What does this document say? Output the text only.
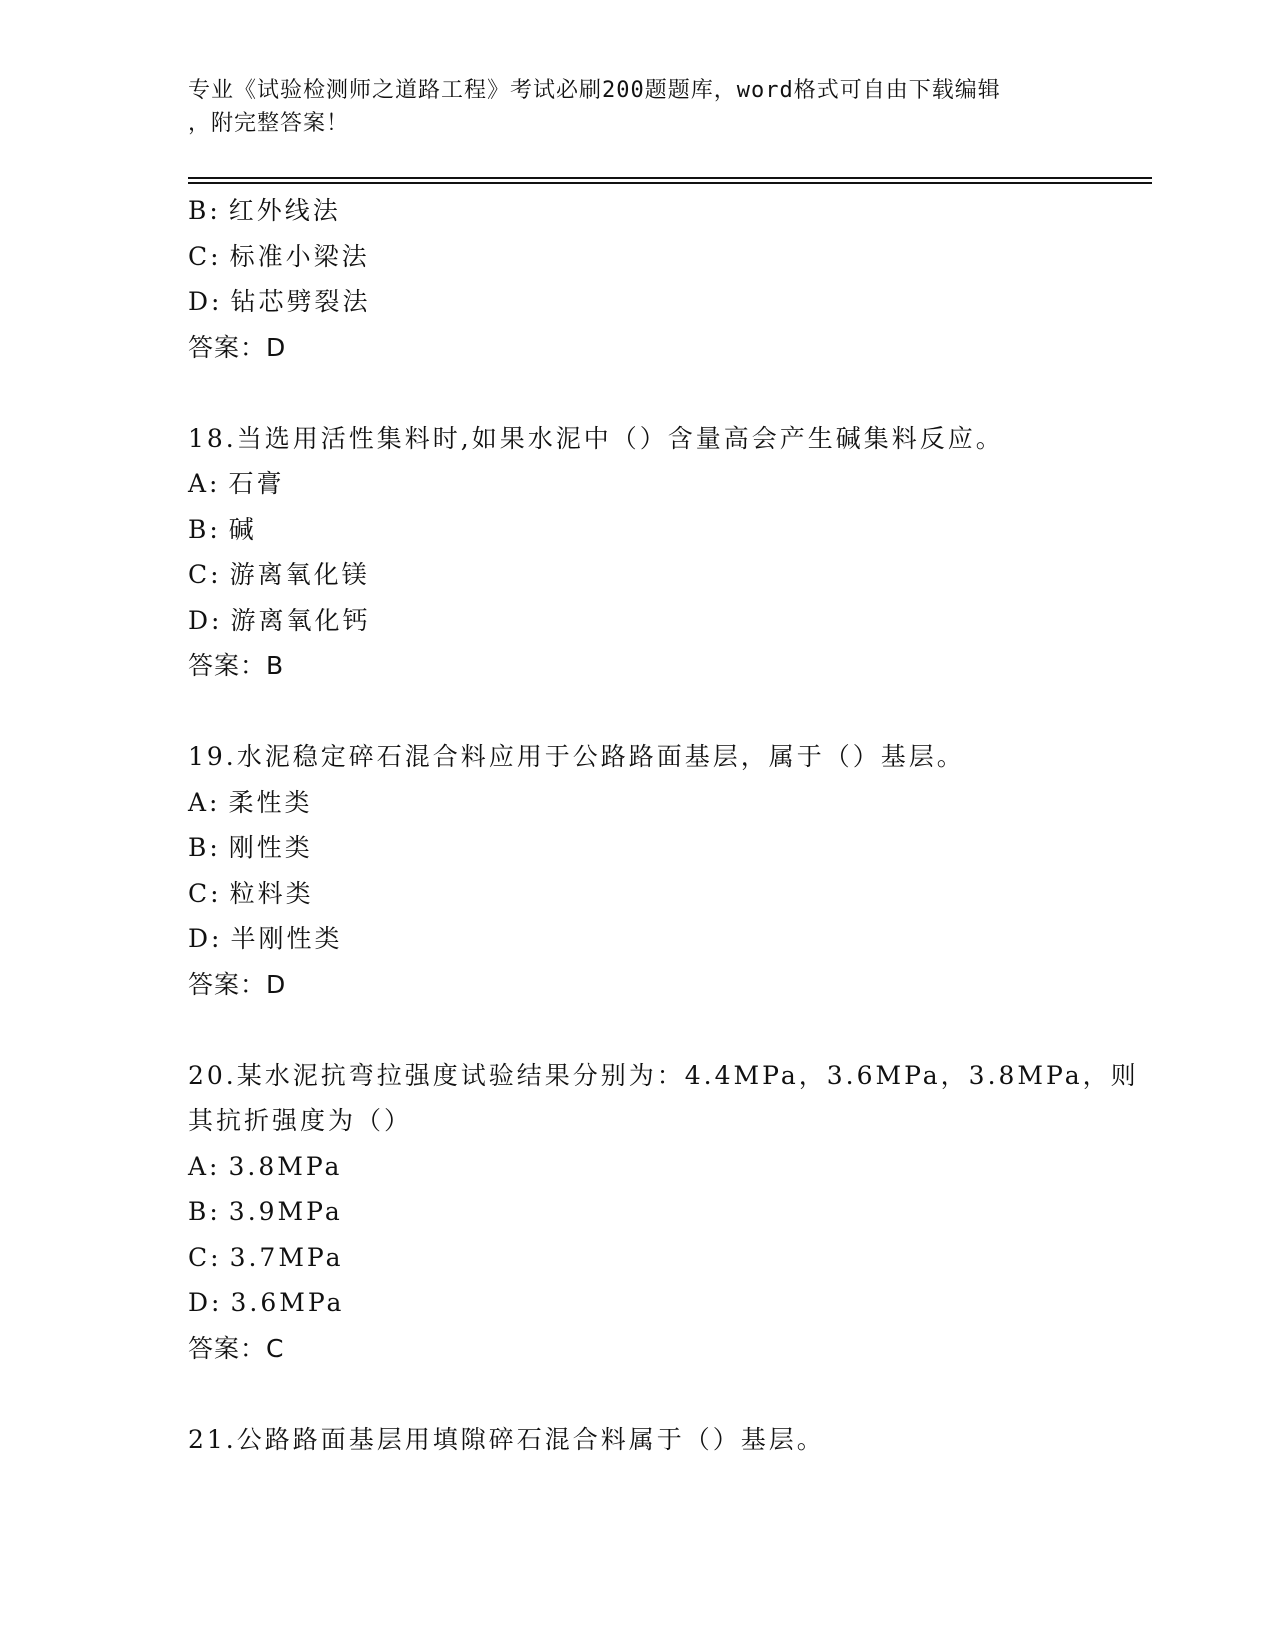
专业《试验检测师之道路工程》考试必刷200题题库，word格式可自由下载编辑
，附完整答案！
B: 红外线法
C: 标准小梁法
D: 钻芯劈裂法
答案：D
18.当选用活性集料时,如果水泥中（）含量高会产生碱集料反应。
A: 石膏
B: 碱
C: 游离氧化镁
D: 游离氧化钙
答案：B
19.水泥稳定碎石混合料应用于公路路面基层，属于（）基层。
A: 柔性类
B: 刚性类
C: 粒料类
D: 半刚性类
答案：D
20.某水泥抗弯拉强度试验结果分别为：4.4MPa，3.6MPa，3.8MPa，则
其抗折强度为（）
A: 3.8MPa
B: 3.9MPa
C: 3.7MPa
D: 3.6MPa
答案：C
21.公路路面基层用填隙碎石混合料属于（）基层。
